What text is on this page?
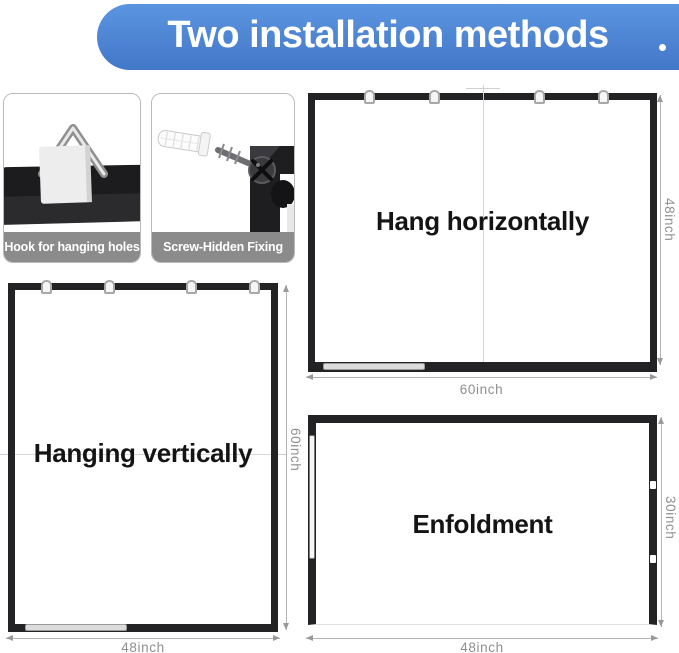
Two installation methods
Hook for hanging holes	Screw-Hidden Fixing
Hang horizontally	48inch
60inch
Hanging vertically	60inch
48inch
Enfoldment	30inch
48inch
